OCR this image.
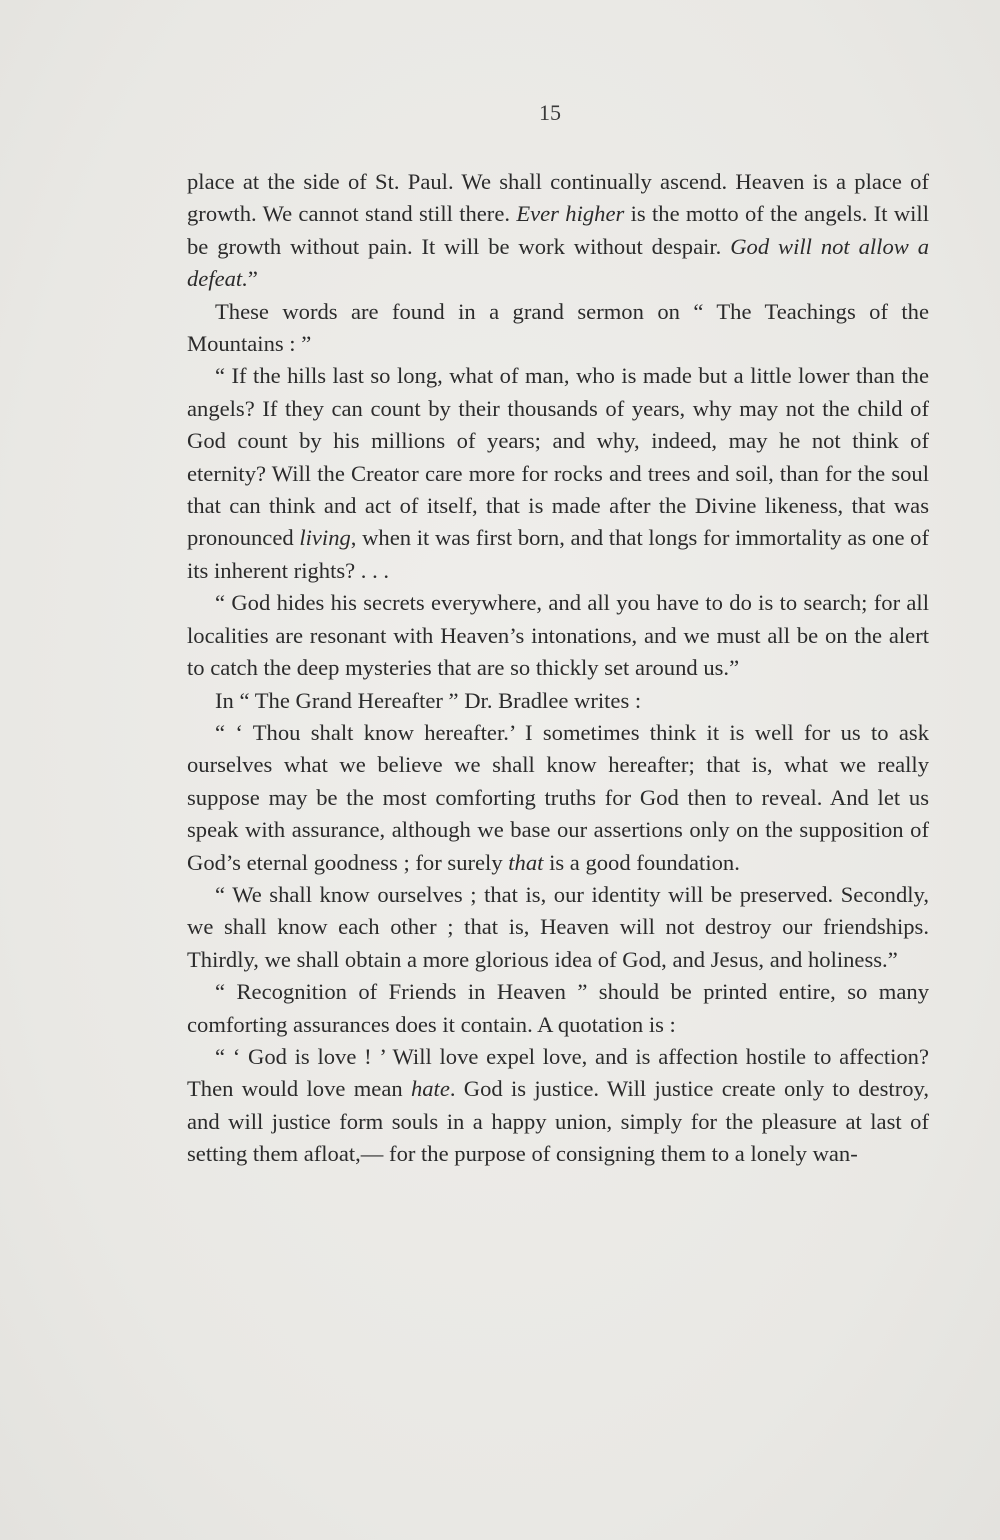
15

place at the side of St. Paul. We shall continually ascend. Heaven is a place of growth. We cannot stand still there. Ever higher is the motto of the angels. It will be growth without pain. It will be work without despair. God will not allow a defeat.”

These words are found in a grand sermon on “ The Teachings of the Mountains : ”

“ If the hills last so long, what of man, who is made but a little lower than the angels? If they can count by their thousands of years, why may not the child of God count by his millions of years; and why, indeed, may he not think of eternity? Will the Creator care more for rocks and trees and soil, than for the soul that can think and act of itself, that is made after the Divine likeness, that was pronounced living, when it was first born, and that longs for immortality as one of its inherent rights? . . .

“ God hides his secrets everywhere, and all you have to do is to search; for all localities are resonant with Heaven’s intonations, and we must all be on the alert to catch the deep mysteries that are so thickly set around us.”

In “ The Grand Hereafter ” Dr. Bradlee writes :

“ ‘ Thou shalt know hereafter.’ I sometimes think it is well for us to ask ourselves what we believe we shall know hereafter; that is, what we really suppose may be the most comforting truths for God then to reveal. And let us speak with assurance, although we base our assertions only on the supposition of God’s eternal goodness ; for surely that is a good foundation.

“ We shall know ourselves ; that is, our identity will be preserved. Secondly, we shall know each other ; that is, Heaven will not destroy our friendships. Thirdly, we shall obtain a more glorious idea of God, and Jesus, and holiness.”

“ Recognition of Friends in Heaven ” should be printed entire, so many comforting assurances does it contain. A quotation is :

“ ‘ God is love ! ’ Will love expel love, and is affection hostile to affection? Then would love mean hate. God is justice. Will justice create only to destroy, and will justice form souls in a happy union, simply for the pleasure at last of setting them afloat,— for the purpose of consigning them to a lonely wan-
